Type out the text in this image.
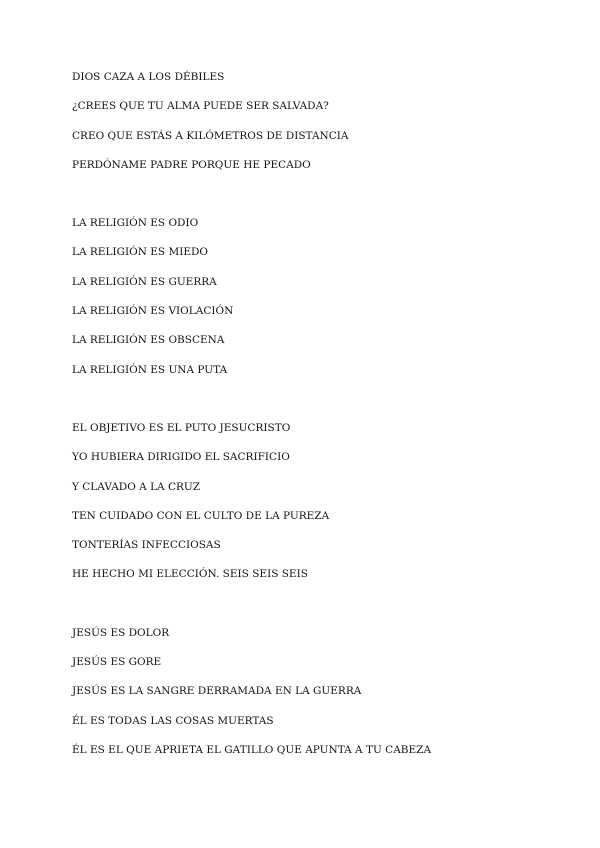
DIOS CAZA A LOS DÉBILES
¿CREES QUE TU ALMA PUEDE SER SALVADA?
CREO QUE ESTÁS A KILÓMETROS DE DISTANCIA
PERDÓNAME PADRE PORQUE HE PECADO
LA RELIGIÓN ES ODIO
LA RELIGIÓN ES MIEDO
LA RELIGIÓN ES GUERRA
LA RELIGIÓN ES VIOLACIÓN
LA RELIGIÓN ES OBSCENA
LA RELIGIÓN ES UNA PUTA
EL OBJETIVO ES EL PUTO JESUCRISTO
YO HUBIERA DIRIGIDO EL SACRIFICIO
Y CLAVADO A LA CRUZ
TEN CUIDADO CON EL CULTO DE LA PUREZA
TONTERÍAS INFECCIOSAS
HE HECHO MI ELECCIÓN. SEIS SEIS SEIS
JESÚS ES DOLOR
JESÚS ES GORE
JESÚS ES LA SANGRE DERRAMADA EN LA GUERRA
ÉL ES TODAS LAS COSAS MUERTAS
ÉL ES EL QUE APRIETA EL GATILLO QUE APUNTA A TU CABEZA
